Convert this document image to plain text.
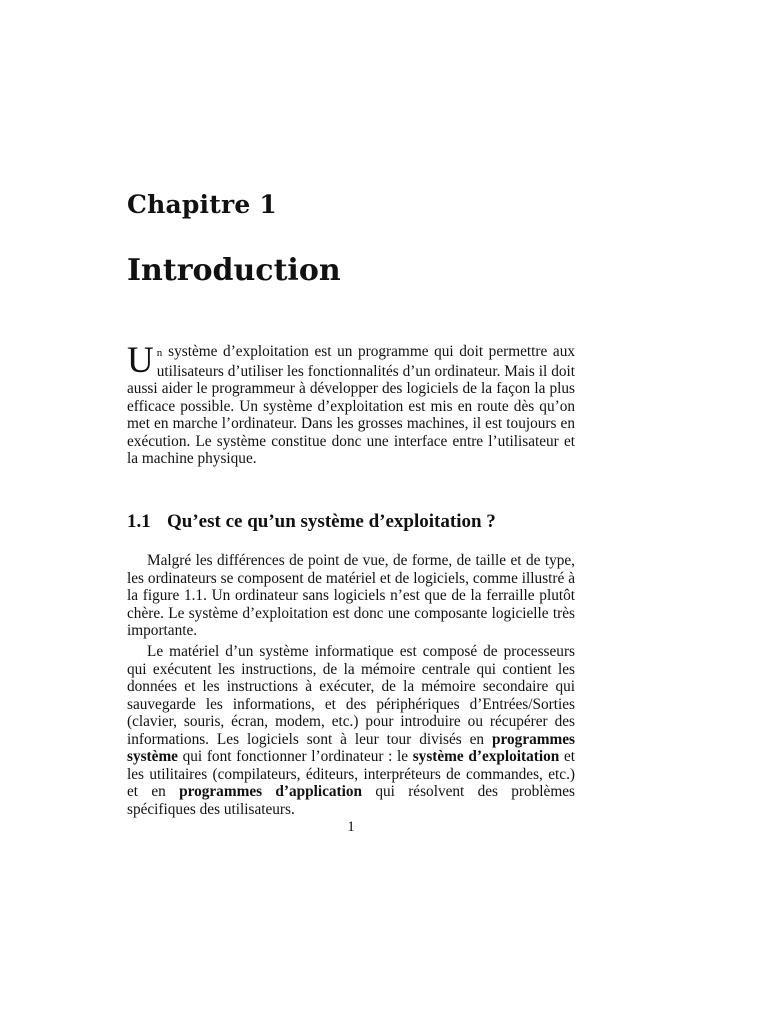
Chapitre 1
Introduction
Un système d’exploitation est un programme qui doit permettre aux utilisateurs d’utiliser les fonctionnalités d’un ordinateur. Mais il doit aussi aider le programmeur à développer des logiciels de la façon la plus efficace possible. Un système d’exploitation est mis en route dès qu’on met en marche l’ordinateur. Dans les grosses machines, il est toujours en exécution. Le système constitue donc une interface entre l’utilisateur et la machine physique.
1.1 Qu’est ce qu’un système d’exploitation ?
Malgré les différences de point de vue, de forme, de taille et de type, les ordinateurs se composent de matériel et de logiciels, comme illustré à la figure 1.1. Un ordinateur sans logiciels n’est que de la ferraille plutôt chère. Le système d’exploitation est donc une composante logicielle très importante.
Le matériel d’un système informatique est composé de processeurs qui exécutent les instructions, de la mémoire centrale qui contient les données et les instructions à exécuter, de la mémoire secondaire qui sauvegarde les informations, et des périphériques d’Entrées/Sorties (clavier, souris, écran, modem, etc.) pour introduire ou récupérer des informations. Les logiciels sont à leur tour divisés en programmes système qui font fonctionner l’ordinateur : le système d’exploitation et les utilitaires (compilateurs, éditeurs, interpréteurs de commandes, etc.) et en programmes d’application qui résolvent des problèmes spécifiques des utilisateurs.
1
